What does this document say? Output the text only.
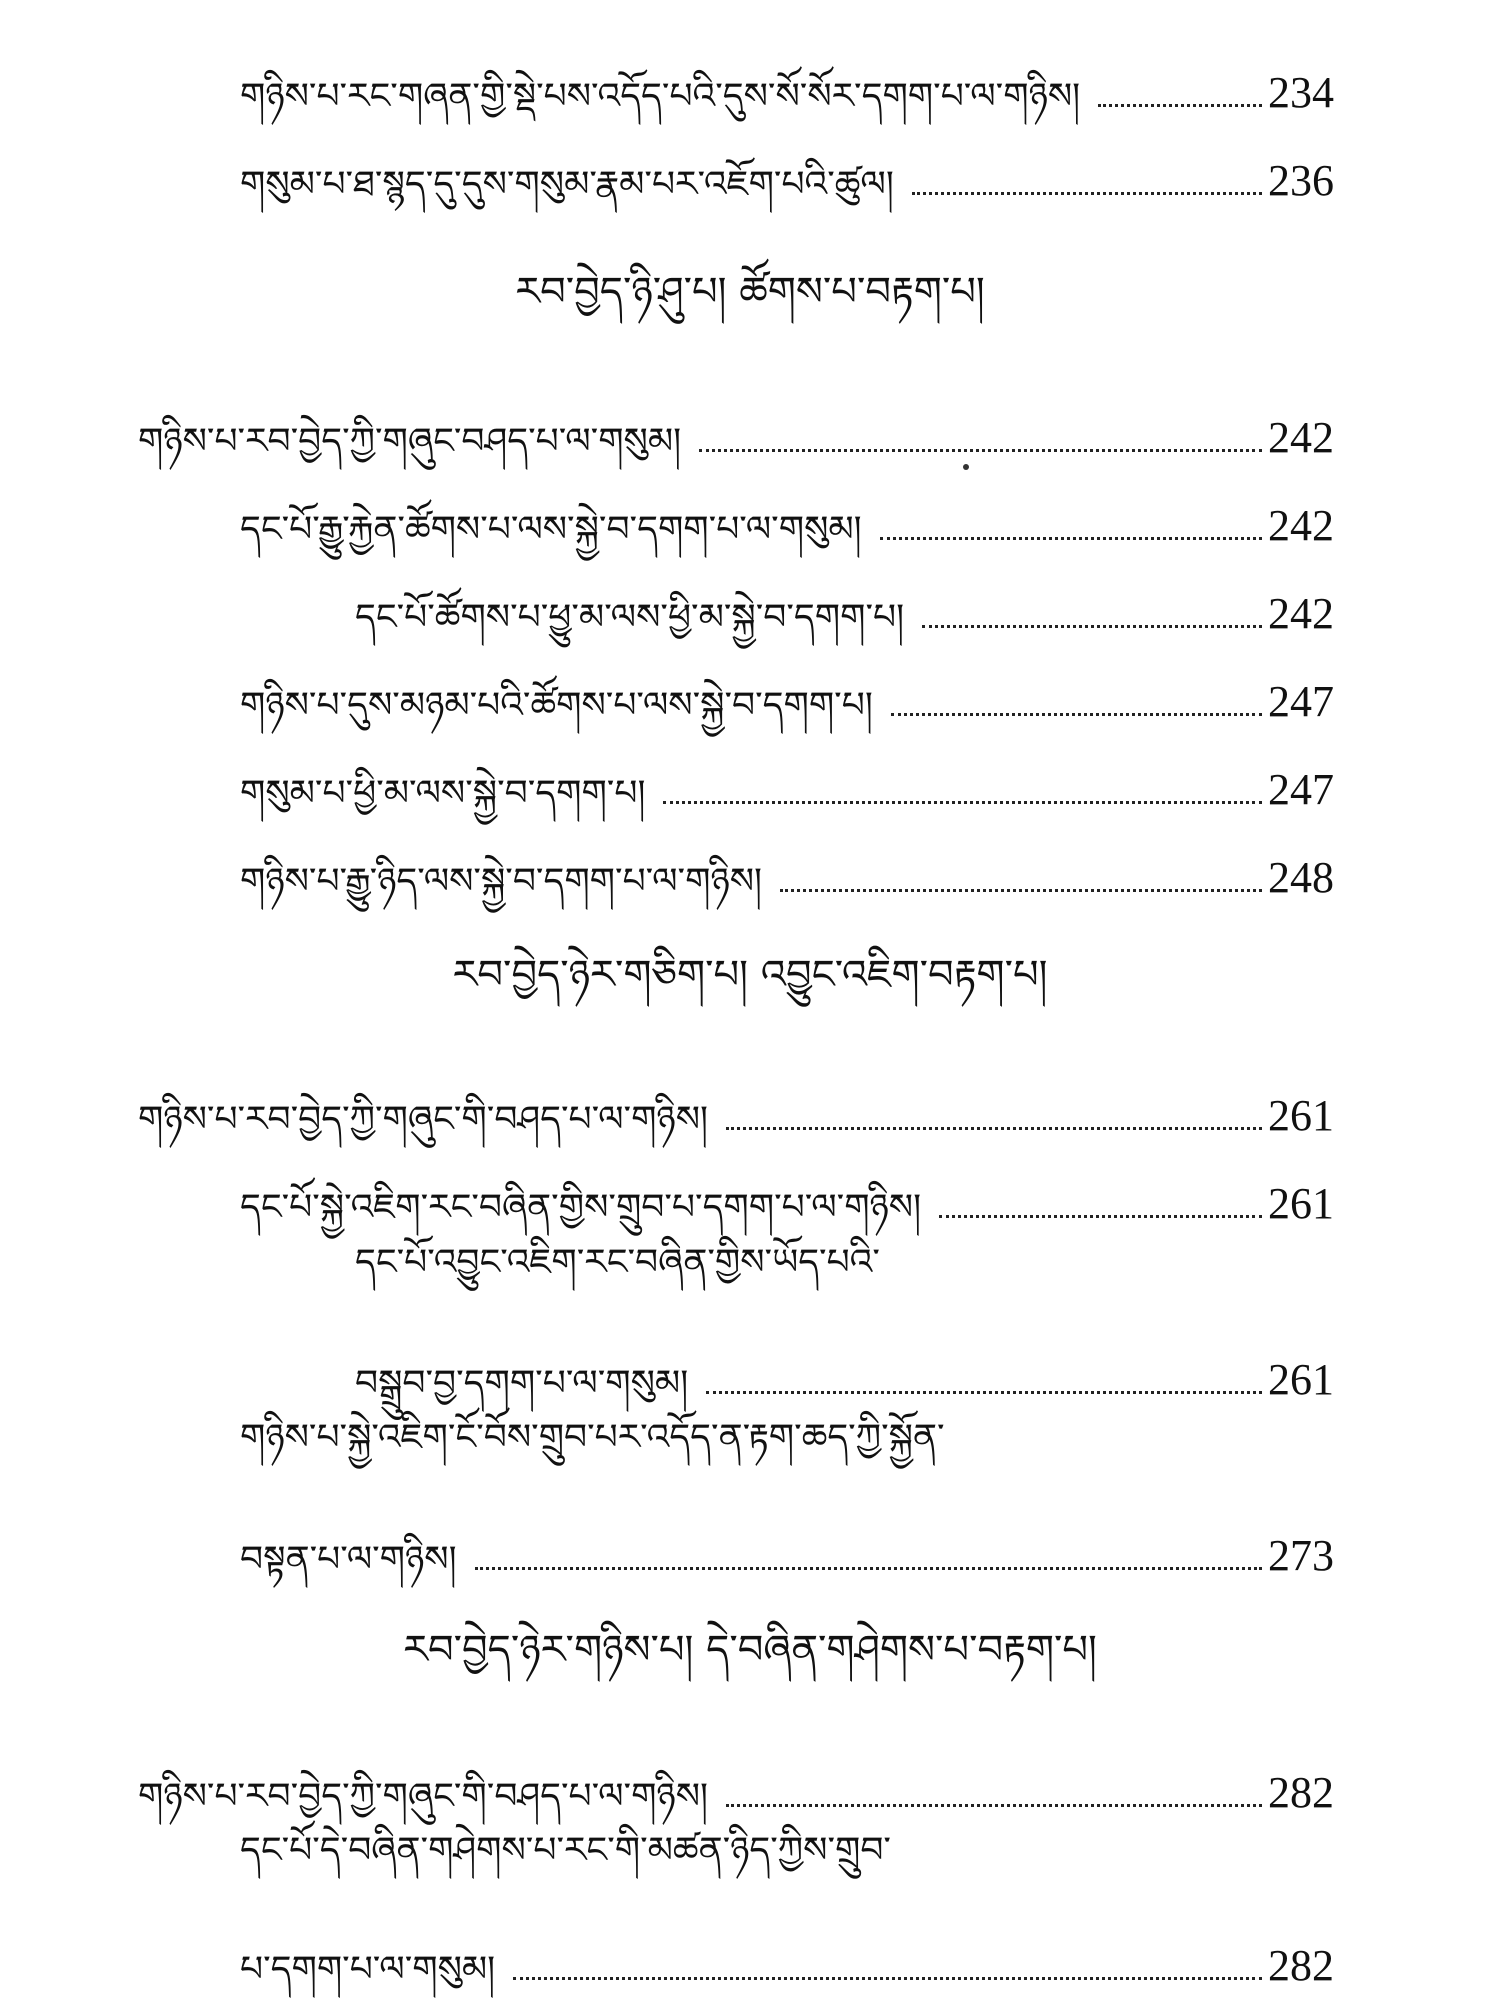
གཉིས་པ་རང་གཞན་གྱི་སྡེ་པས་འདོད་པའི་དུས་སོ་སོར་དགག་པ་ལ་གཉིས།	234
གསུམ་པ་ཐ་སྙད་དུ་དུས་གསུམ་རྣམ་པར་འཇོག་པའི་ཚུལ།	236
རབ་བྱེད་ཉི་ཤུ་པ། ཚོགས་པ་བརྟག་པ།
གཉིས་པ་རབ་བྱེད་ཀྱི་གཞུང་བཤད་པ་ལ་གསུམ།	242
དང་པོ་རྒྱུ་རྐྱེན་ཚོགས་པ་ལས་སྐྱེ་བ་དགག་པ་ལ་གསུམ།	242
དང་པོ་ཚོགས་པ་ཕྱུ་མ་ལས་ཕྱི་མ་སྐྱེ་བ་དགག་པ།	242
གཉིས་པ་དུས་མཉམ་པའི་ཚོགས་པ་ལས་སྐྱེ་བ་དགག་པ།	247
གསུམ་པ་ཕྱི་མ་ལས་སྐྱེ་བ་དགག་པ།	247
གཉིས་པ་རྒྱུ་ཉིད་ལས་སྐྱེ་བ་དགག་པ་ལ་གཉིས།	248
རབ་བྱེད་ཉེར་གཅིག་པ། འབྱུང་འཇིག་བརྟག་པ།
གཉིས་པ་རབ་བྱེད་ཀྱི་གཞུང་གི་བཤད་པ་ལ་གཉིས།	261
དང་པོ་སྐྱེ་འཇིག་རང་བཞིན་གྱིས་གྲུབ་པ་དགག་པ་ལ་གཉིས།	261
དང་པོ་འབྱུང་འཇིག་རང་བཞིན་གྱིས་ཡོད་པའི་
བསྒྲུབ་བྱ་དགག་པ་ལ་གསུམ།	261
གཉིས་པ་སྐྱེ་འཇིག་ངོ་བོས་གྲུབ་པར་འདོད་ན་རྟག་ཆད་ཀྱི་སྐྱོན་
བསྟན་པ་ལ་གཉིས།	273
རབ་བྱེད་ཉེར་གཉིས་པ། དེ་བཞིན་གཤེགས་པ་བརྟག་པ།
གཉིས་པ་རབ་བྱེད་ཀྱི་གཞུང་གི་བཤད་པ་ལ་གཉིས།	282
དང་པོ་དེ་བཞིན་གཤེགས་པ་རང་གི་མཚན་ཉིད་ཀྱིས་གྲུབ་
པ་དགག་པ་ལ་གསུམ།	282
